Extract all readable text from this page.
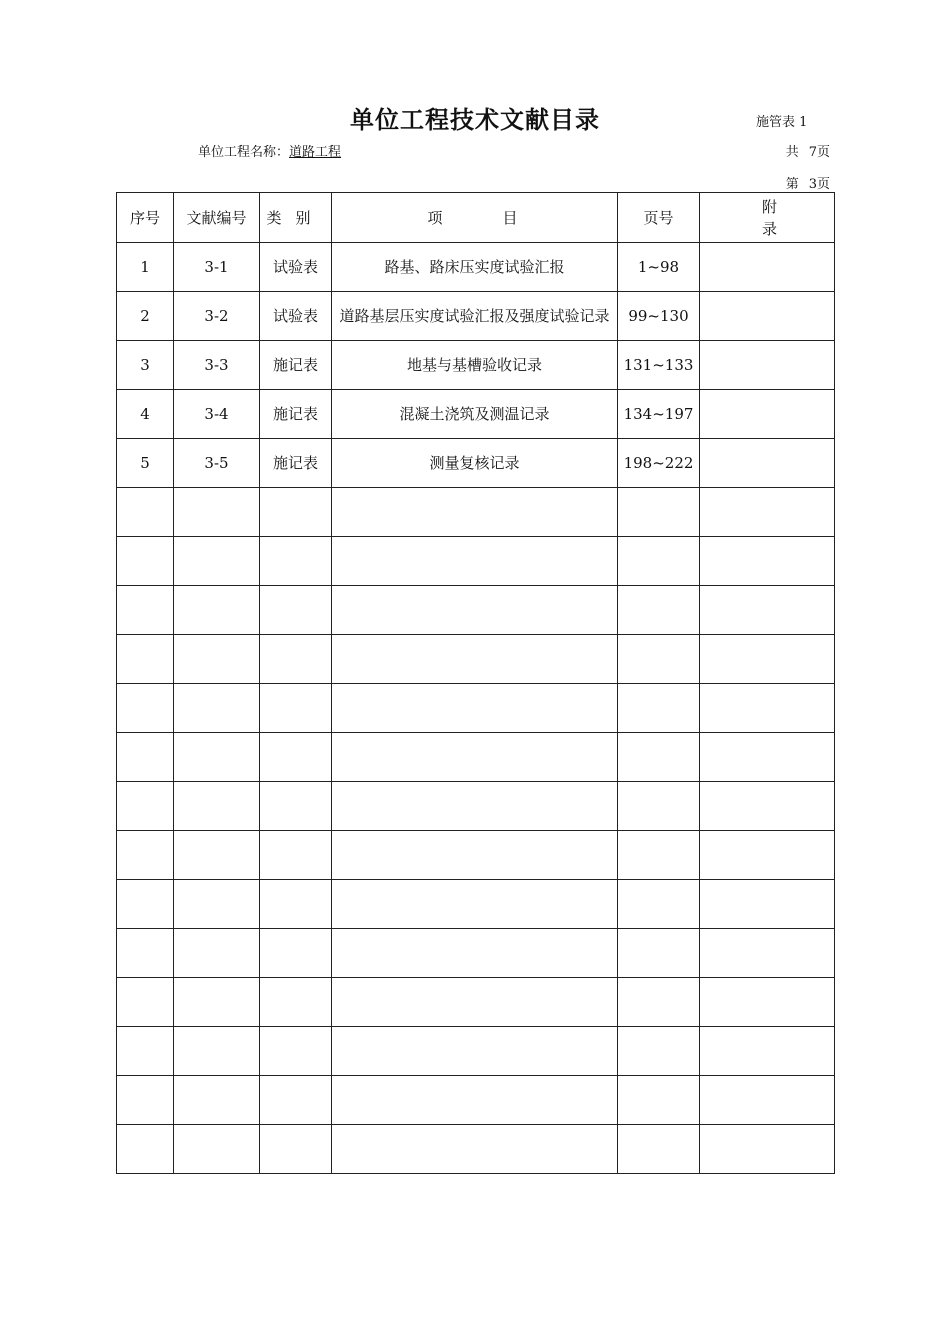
单位工程技术文献目录	施管表 1
单位工程名称：道路工程	共 7页
第 3页
序号	文献编号	类别	项目	页号	附录
1	3-1	试验表	路基、路床压实度试验汇报	1~98	
2	3-2	试验表	道路基层压实度试验汇报及强度试验记录	99~130	
3	3-3	施记表	地基与基槽验收记录	131~133	
4	3-4	施记表	混凝土浇筑及测温记录	134~197	
5	3-5	施记表	测量复核记录	198~222	
